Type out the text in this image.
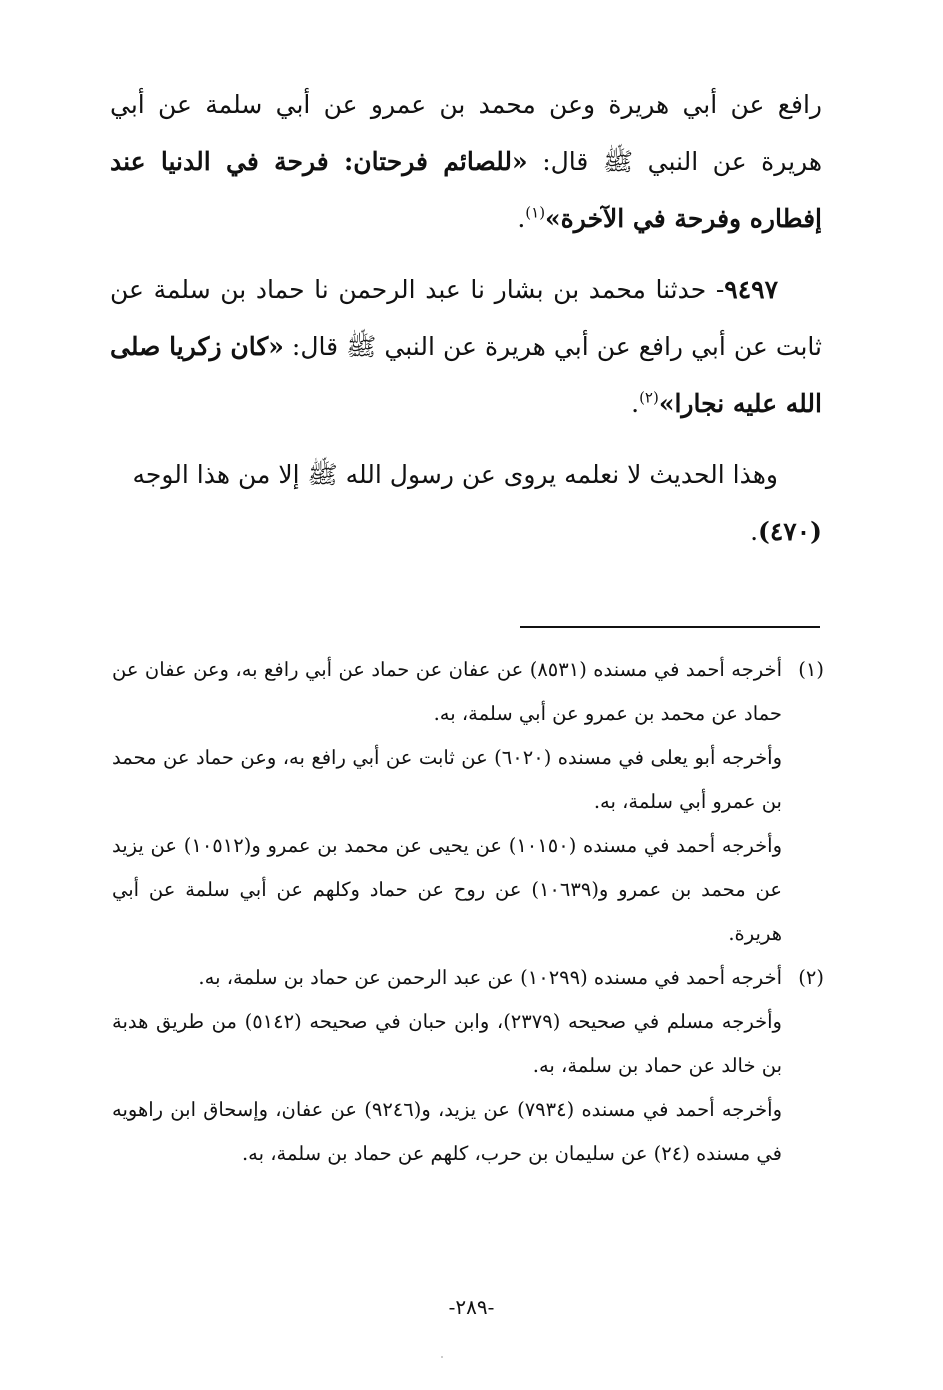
رافع عن أبي هريرة وعن محمد بن عمرو عن أبي سلمة عن أبي هريرة عن النبي ﷺ قال: «للصائم فرحتان: فرحة في الدنيا عند إفطاره وفرحة في الآخرة»$^{(١)}$.

٩٤٩٧- حدثنا محمد بن بشار نا عبد الرحمن نا حماد بن سلمة عن ثابت عن أبي رافع عن أبي هريرة عن النبي ﷺ قال: «كان زكريا صلى الله عليه نجارا»$^{(٢)}$.

وهذا الحديث لا نعلمه يروى عن رسول الله ﷺ إلا من هذا الوجه
(٤٧٠).

(١)

أخرجه أحمد في مسنده (٨٥٣١) عن عفان عن حماد عن أبي رافع به، وعن عفان عن حماد عن محمد بن عمرو عن أبي سلمة، به.

وأخرجه أبو يعلى في مسنده (٦٠٢٠) عن ثابت عن أبي رافع به، وعن حماد عن محمد بن عمرو أبي سلمة، به.

وأخرجه أحمد في مسنده (١٠١٥٠) عن يحيى عن محمد بن عمرو و(١٠٥١٢) عن يزيد عن محمد بن عمرو و(١٠٦٣٩) عن روح عن حماد وكلهم عن أبي سلمة عن أبي هريرة.

(٢)

أخرجه أحمد في مسنده (١٠٢٩٩) عن عبد الرحمن عن حماد بن سلمة، به.

وأخرجه مسلم في صحيحه (٢٣٧٩)، وابن حبان في صحيحه (٥١٤٢) من طريق هدبة بن خالد عن حماد بن سلمة، به.

وأخرجه أحمد في مسنده (٧٩٣٤) عن يزيد، و(٩٢٤٦) عن عفان، وإسحاق ابن راهويه في مسنده (٢٤) عن سليمان بن حرب، كلهم عن حماد بن سلمة، به.

-٢٨٩-
